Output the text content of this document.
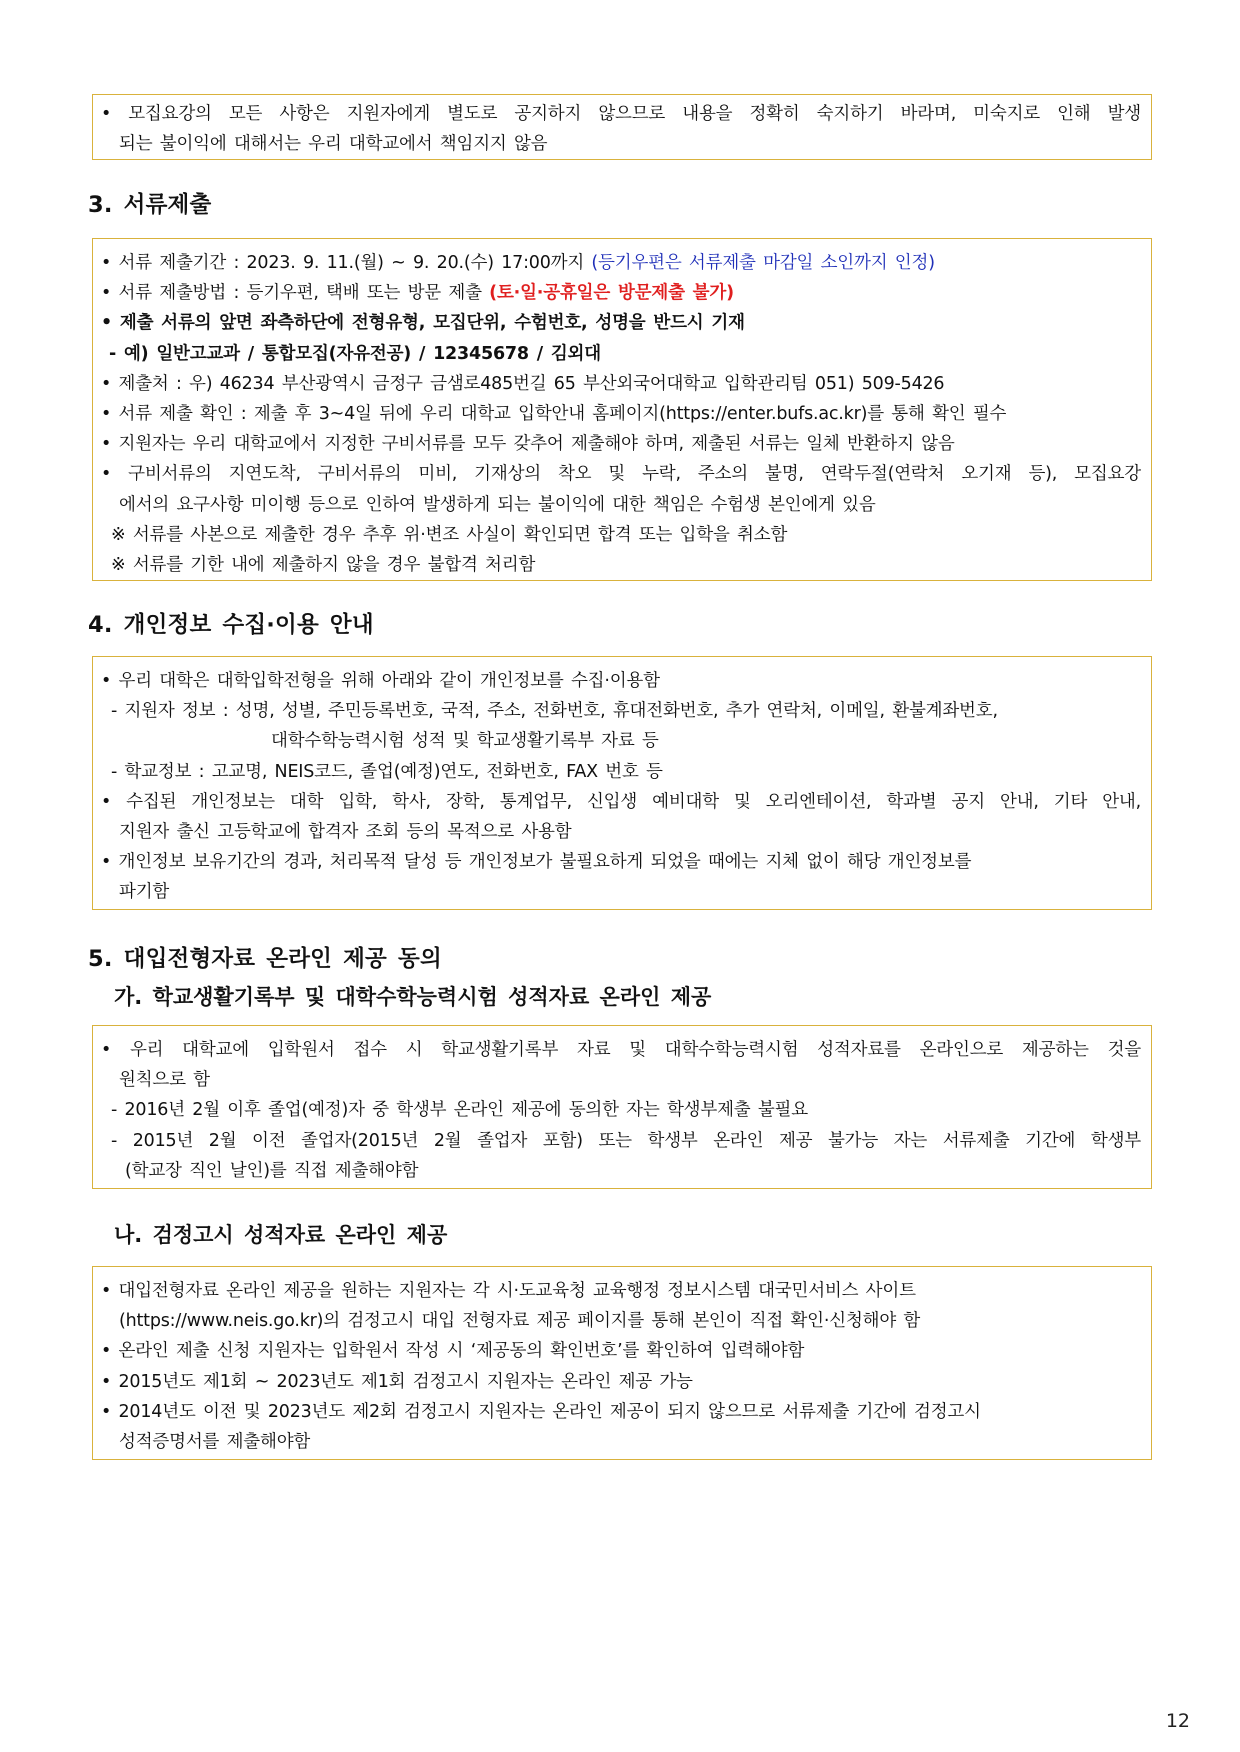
• 모집요강의 모든 사항은 지원자에게 별도로 공지하지 않으므로 내용을 정확히 숙지하기 바라며, 미숙지로 인해 발생
되는 불이익에 대해서는 우리 대학교에서 책임지지 않음
3. 서류제출
• 서류 제출기간 : 2023. 9. 11.(월) ~ 9. 20.(수) 17:00까지 (등기우편은 서류제출 마감일 소인까지 인정)
• 서류 제출방법 : 등기우편, 택배 또는 방문 제출 (토·일·공휴일은 방문제출 불가)
• 제출 서류의 앞면 좌측하단에 전형유형, 모집단위, 수험번호, 성명을 반드시 기재
- 예) 일반고교과 / 통합모집(자유전공) / 12345678 / 김외대
• 제출처 : 우) 46234 부산광역시 금정구 금샘로485번길 65 부산외국어대학교 입학관리팀 051) 509-5426
• 서류 제출 확인 : 제출 후 3~4일 뒤에 우리 대학교 입학안내 홈페이지(https://enter.bufs.ac.kr)를 통해 확인 필수
• 지원자는 우리 대학교에서 지정한 구비서류를 모두 갖추어 제출해야 하며, 제출된 서류는 일체 반환하지 않음
• 구비서류의 지연도착, 구비서류의 미비, 기재상의 착오 및 누락, 주소의 불명, 연락두절(연락처 오기재 등), 모집요강
에서의 요구사항 미이행 등으로 인하여 발생하게 되는 불이익에 대한 책임은 수험생 본인에게 있음
※ 서류를 사본으로 제출한 경우 추후 위·변조 사실이 확인되면 합격 또는 입학을 취소함
※ 서류를 기한 내에 제출하지 않을 경우 불합격 처리함
4. 개인정보 수집·이용 안내
• 우리 대학은 대학입학전형을 위해 아래와 같이 개인정보를 수집·이용함
- 지원자 정보 : 성명, 성별, 주민등록번호, 국적, 주소, 전화번호, 휴대전화번호, 추가 연락처, 이메일, 환불계좌번호,
대학수학능력시험 성적 및 학교생활기록부 자료 등
- 학교정보 : 고교명, NEIS코드, 졸업(예정)연도, 전화번호, FAX 번호 등
• 수집된 개인정보는 대학 입학, 학사, 장학, 통계업무, 신입생 예비대학 및 오리엔테이션, 학과별 공지 안내, 기타 안내,
지원자 출신 고등학교에 합격자 조회 등의 목적으로 사용함
• 개인정보 보유기간의 경과, 처리목적 달성 등 개인정보가 불필요하게 되었을 때에는 지체 없이 해당 개인정보를
파기함
5. 대입전형자료 온라인 제공 동의
가. 학교생활기록부 및 대학수학능력시험 성적자료 온라인 제공
• 우리 대학교에 입학원서 접수 시 학교생활기록부 자료 및 대학수학능력시험 성적자료를 온라인으로 제공하는 것을
원칙으로 함
- 2016년 2월 이후 졸업(예정)자 중 학생부 온라인 제공에 동의한 자는 학생부제출 불필요
- 2015년 2월 이전 졸업자(2015년 2월 졸업자 포함) 또는 학생부 온라인 제공 불가능 자는 서류제출 기간에 학생부
(학교장 직인 날인)를 직접 제출해야함
나. 검정고시 성적자료 온라인 제공
• 대입전형자료 온라인 제공을 원하는 지원자는 각 시·도교육청 교육행정 정보시스템 대국민서비스 사이트
(https://www.neis.go.kr)의 검정고시 대입 전형자료 제공 페이지를 통해 본인이 직접 확인·신청해야 함
• 온라인 제출 신청 지원자는 입학원서 작성 시 ‘제공동의 확인번호’를 확인하여 입력해야함
• 2015년도 제1회 ~ 2023년도 제1회 검정고시 지원자는 온라인 제공 가능
• 2014년도 이전 및 2023년도 제2회 검정고시 지원자는 온라인 제공이 되지 않으므로 서류제출 기간에 검정고시
성적증명서를 제출해야함
12
